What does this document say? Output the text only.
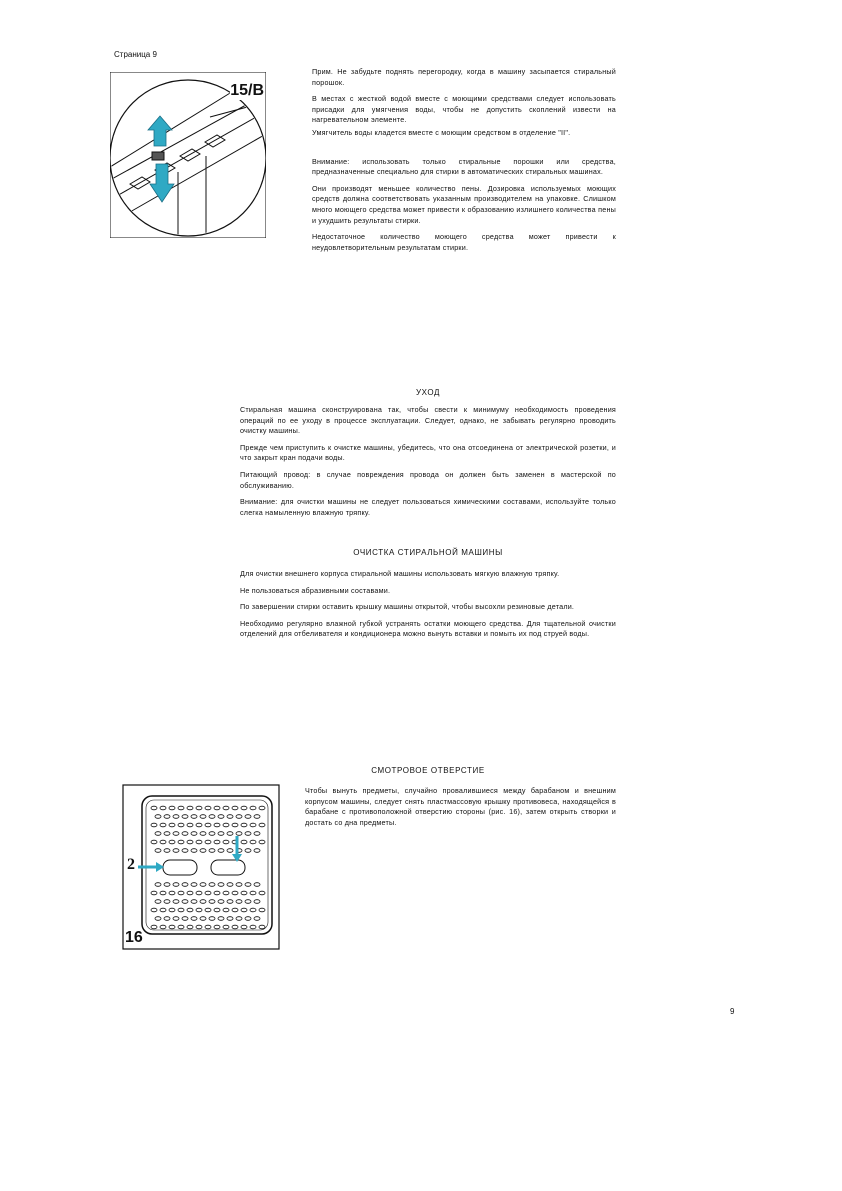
Страница 9
15/B

Прим. Не забудьте поднять перегородку, когда в машину засыпается стиральный порошок.

В местах с жесткой водой вместе с моющими средствами следует использовать присадки для умягчения воды, чтобы не допустить скоплений извести на нагревательном элементе.

Умягчитель воды кладется вместе с моющим средством в отделение "II".

Внимание: использовать только стиральные порошки или средства, предназначенные специально для стирки в автоматических стиральных машинах.

Они производят меньшее количество пены. Дозировка используемых моющих средств должна соответствовать указанным производителем на упаковке. Слишком много моющего средства может привести к образованию излишнего количества пены и ухудшить результаты стирки.

Недостаточное количество моющего средства может привести к неудовлетворительным результатам стирки.

УХОД

Стиральная машина сконструирована так, чтобы свести к минимуму необходимость проведения операций по ее уходу в процессе эксплуатации. Следует, однако, не забывать регулярно проводить очистку машины.

Прежде чем приступить к очистке машины, убедитесь, что она отсоединена от электрической розетки, и что закрыт кран подачи воды.

Питающий провод: в случае повреждения провода он должен быть заменен в мастерской по обслуживанию.

Внимание: для очистки машины не следует пользоваться химическими составами, используйте только слегка намыленную влажную тряпку.

ОЧИСТКА СТИРАЛЬНОЙ МАШИНЫ

Для очистки внешнего корпуса стиральной машины использовать мягкую влажную тряпку.

Не пользоваться абразивными составами.

По завершении стирки оставить крышку машины открытой, чтобы высохли резиновые детали.

Необходимо регулярно влажной губкой устранять остатки моющего средства. Для тщательной очистки отделений для отбеливателя и кондиционера можно вынуть вставки и помыть их под струей воды.

СМОТРОВОЕ ОТВЕРСТИЕ

Чтобы вынуть предметы, случайно провалившиеся между барабаном и внешним корпусом машины, следует снять пластмассовую крышку противовеса, находящейся в барабане с противоположной отверстию стороны (рис. 16), затем открыть створки и достать со дна предметы.

2
16
9
